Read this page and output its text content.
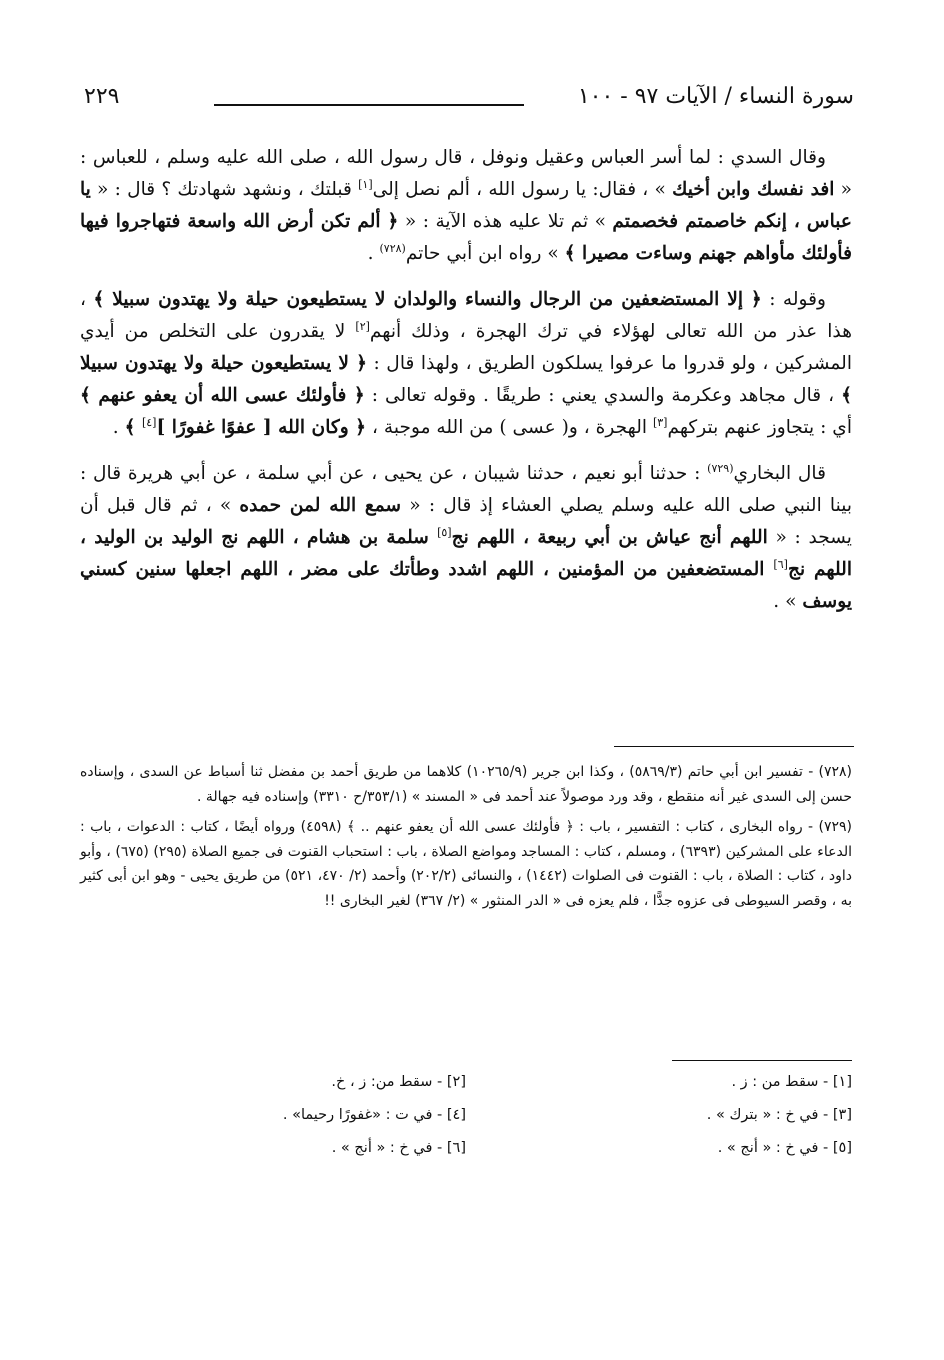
سورة النساء / الآيات ٩٧ - ١٠٠
٢٢٩

وقال السدي : لما أسر العباس وعقيل ونوفل ، قال رسول الله ، صلى الله عليه وسلم ، للعباس : « افد نفسك وابن أخيك » ، فقال: يا رسول الله ، ألم نصل إلى[١] قبلتك ، ونشهد شهادتك ؟ قال : « يا عباس ، إنكم خاصمتم فخصمتم » ثم تلا عليه هذه الآية : « ﴿ ألم تكن أرض الله واسعة فتهاجروا فيها فأولئك مأواهم جهنم وساءت مصيرا ﴾ » رواه ابن أبي حاتم$^{(٧٢٨)}$ .

وقوله : ﴿ إلا المستضعفين من الرجال والنساء والولدان لا يستطيعون حيلة ولا يهتدون سبيلا ﴾ ، هذا عذر من الله تعالى لهؤلاء في ترك الهجرة ، وذلك أنهم[٢] لا يقدرون على التخلص من أيدي المشركين ، ولو قدروا ما عرفوا يسلكون الطريق ، ولهذا قال : ﴿ لا يستطيعون حيلة ولا يهتدون سبيلا ﴾ ، قال مجاهد وعكرمة والسدي يعني : طريقًا . وقوله تعالى : ﴿ فأولئك عسى الله أن يعفو عنهم ﴾ أي : يتجاوز عنهم بتركهم[٣] الهجرة ، و( عسى ) من الله موجبة ، ﴿ وكان الله [ عفوًا غفورًا ][٤] ﴾ .

قال البخاري$^{(٧٢٩)}$ : حدثنا أبو نعيم ، حدثنا شيبان ، عن يحيى ، عن أبي سلمة ، عن أبي هريرة قال : بينا النبي صلى الله عليه وسلم يصلي العشاء إذ قال : « سمع الله لمن حمده » ، ثم قال قبل أن يسجد : « اللهم أنج عياش بن أبي ربيعة ، اللهم نج[٥] سلمة بن هشام ، اللهم نج الوليد بن الوليد ، اللهم نج[٦] المستضعفين من المؤمنين ، اللهم اشدد وطأتك على مضر ، اللهم اجعلها سنين كسني يوسف » .

(٧٢٨) - تفسير ابن أبي حاتم (٥٨٦٩/٣) ، وكذا ابن جرير (١٠٢٦٥/٩) كلاهما من طريق أحمد بن مفضل ثنا أسباط عن السدى ، وإسناده حسن إلى السدى غير أنه منقطع ، وقد ورد موصولاً عند أحمد فى « المسند » (٣٥٣/١/ح ٣٣١٠) وإسناده فيه جهالة .

(٧٢٩) - رواه البخارى ، كتاب : التفسير ، باب : ﴿ فأولئك عسى الله أن يعفو عنهم .. ﴾ (٤٥٩٨) ورواه أيضًا ، كتاب : الدعوات ، باب : الدعاء على المشركين (٦٣٩٣) ، ومسلم ، كتاب : المساجد ومواضع الصلاة ، باب : استحباب القنوت فى جميع الصلاة (٢٩٥) (٦٧٥) ، وأبو داود ، كتاب : الصلاة ، باب : القنوت فى الصلوات (١٤٤٢) ، والنسائى (٢٠٢/٢) وأحمد (٢/ ٤٧٠، ٥٢١) من طريق يحيى - وهو ابن أبى كثير به ، وقصر السيوطى فى عزوه جدًّا ، فلم يعزه فى « الدر المنثور » (٢/ ٣٦٧) لغير البخارى !!

[١] - سقط من : ز .
[٢] - سقط من: ز ، خ.
[٣] - في خ : « بترك » .
[٤] - في ت : «غفورًا رحيما» .
[٥] - في خ : « أنج » .
[٦] - في خ : « أنج » .
